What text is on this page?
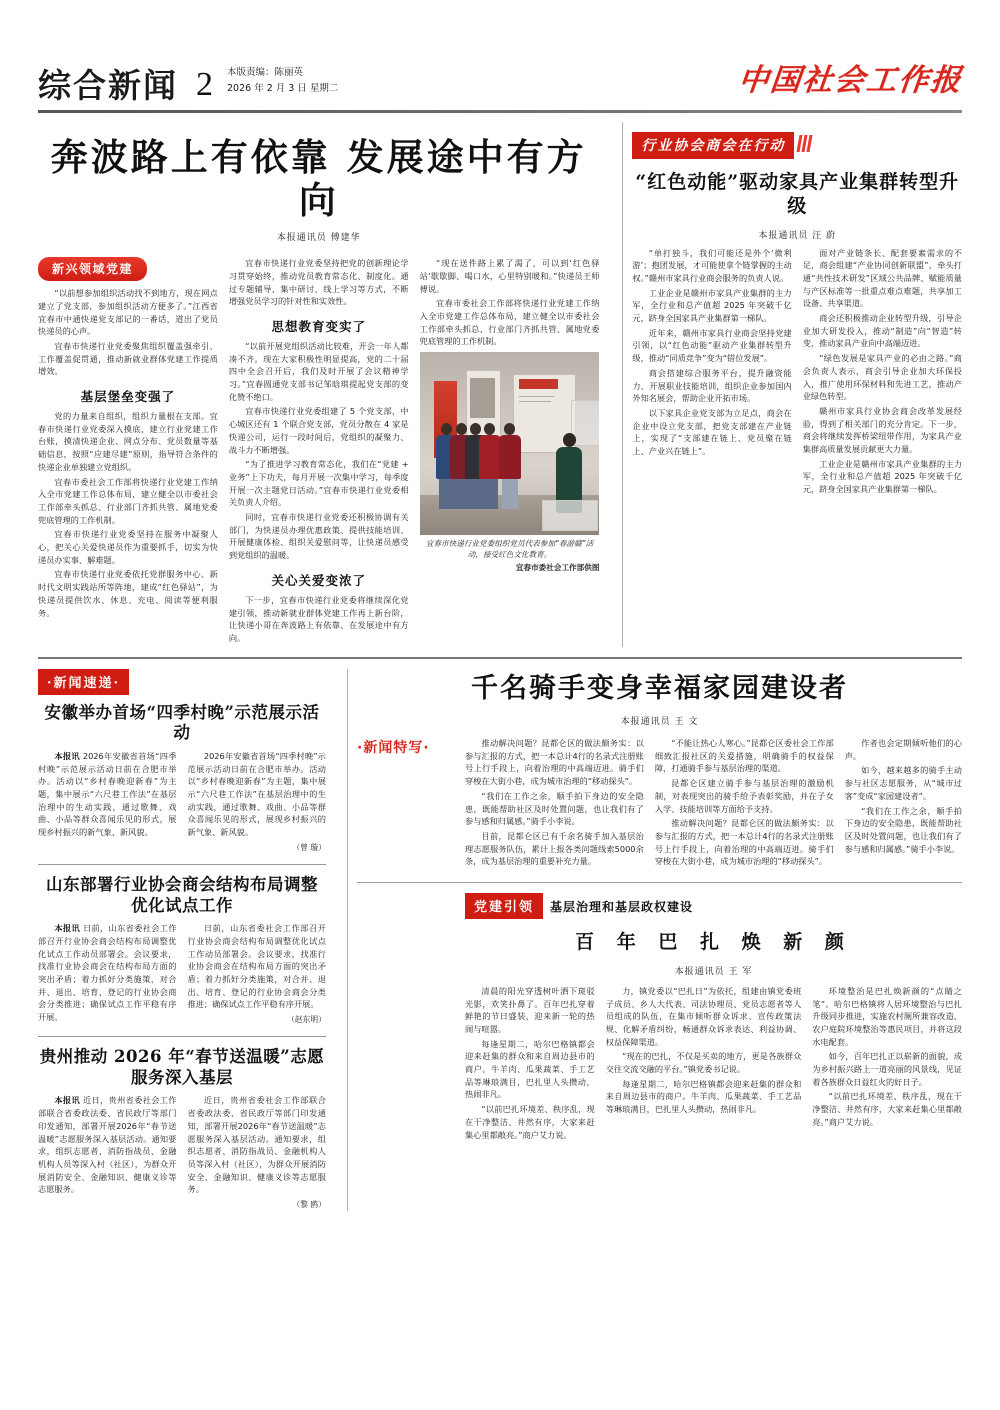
综合新闻 2 本版责编：陈丽英
2026 年 2 月 3 日 星期二	中国社会工作报
奔波路上有依靠 发展途中有方向
本报通讯员 傅建华
新兴领域党建

“以前想参加组织活动找不到地方，现在网点建立了党支部，参加组织活动方便多了。”江西省宜春市中通快递党支部记的一番话，道出了党员快递员的心声。

宜春市快递行业党委聚焦组织覆盖强牵引、工作覆盖促贯通，推动新就业群体党建工作提质增效。

基层堡垒变强了

党的力量来自组织，组织力量根在支部。宜春市快递行业党委深入摸底，建立行业党建工作台账，摸清快递企业、网点分布、党员数量等基础信息，按照“应建尽建”原则，指导符合条件的快递企业单独建立党组织。

宜春市委社会工作部将快递行业党建工作纳入全市党建工作总体布局，建立健全以市委社会工作部牵头抓总、行业部门齐抓共管、属地党委兜底管理的工作机制。

宜春市快递行业党委坚持在服务中凝聚人心，把关心关爱快递员作为重要抓手，切实为快递员办实事、解难题。

宜春市快递行业党委依托党群服务中心、新时代文明实践站所等阵地，建成“红色驿站”，为快递员提供饮水、休息、充电、阅读等便利服务。

宜春市快递行业党委坚持把党的创新理论学习贯穿始终，推动党员教育常态化、制度化。通过专题辅导、集中研讨、线上学习等方式，不断增强党员学习的针对性和实效性。

思想教育变实了

“以前开展党组织活动比较难，开会一年人都凑不齐。现在大家积极性明显提高，党的二十届四中全会召开后，我们及时开展了会议精神学习。”宜春圆通党支部书记邹晗琪提起党支部的变化赞不绝口。

宜春市快递行业党委组建了 5 个党支部，中心城区还有 1 个联合党支部，党员分散在 4 家是快递公司，运行一段时间后，党组织的凝聚力、战斗力不断增强。

“为了推进学习教育常态化，我们在“党建 + 业务”上下功夫，每月开展一次集中学习，每季度开展一次主题党日活动。”宜春市快递行业党委相关负责人介绍。

同时，宜春市快递行业党委还积极协调有关部门，为快递员办理优惠政策、提供技能培训、开展健康体检、组织关爱慰问等，让快递员感受到党组织的温暖。

关心关爱变浓了

下一步，宜春市快递行业党委将继续深化党建引领，推动新就业群体党建工作再上新台阶，让快递小哥在奔波路上有依靠、在发展途中有方向。

“现在送件路上累了渴了，可以到‘红色驿站’歇歇脚、喝口水，心里特别暖和。”快递员王师傅说。

宜春市委社会工作部将快递行业党建工作纳入全市党建工作总体布局，建立健全以市委社会工作部牵头抓总、行业部门齐抓共管、属地党委兜底管理的工作机制。

宜春市快递行业党委组织党员代表参加“春游赣”活动，接受红色文化教育。
宜春市委社会工作部供图
行业协会商会在行动
“红色动能”驱动家具产业集群转型升级
本报通讯员 汪 蔚

“单打独斗，我们可能还是外个‘微利游’；抱团发展，才可能使拿个链掌握的主动权。”赣州市家具行业商会服务的负责人说。

工业企业是赣州市家具产业集群的主力军，全行业和总产值超 2025 年突破千亿元，跻身全国家具产业集群第一梯队。

近年来，赣州市家具行业商会坚持党建引领，以“红色动能”驱动产业集群转型升级，推动“同质竞争”变为“错位发展”。

商会搭建综合服务平台，提升融资能力、开展职业技能培训，组织企业参加国内外知名展会，帮助企业开拓市场。

以下家具企业党支部为立足点，商会在企业中设立党支部，把党支部建在产业链上，实现了“支部建在链上、党员聚在链上、产业兴在链上”。

面对产业链条长、配套要素需求的不足，商会组建“产业协同创新联盟”，牵头打通“共性技术研发”区域公共品牌、赋能质量与产区标准等一批重点难点难题，共享加工设备、共享渠道。

商会还积极推动企业转型升级，引导企业加大研发投入，推动“制造”向“智造”转变，推动家具产业向中高端迈进。

“绿色发展是家具产业的必由之路。”商会负责人表示，商会引导企业加大环保投入，推广使用环保材料和先进工艺，推动产业绿色转型。

赣州市家具行业协会商会改革发展经验，得到了相关部门的充分肯定。下一步，商会将继续发挥桥梁纽带作用，为家具产业集群高质量发展贡献更大力量。

工业企业是赣州市家具产业集群的主力军，全行业和总产值超 2025 年突破千亿元，跻身全国家具产业集群第一梯队。

·新闻速递·
安徽举办首场“四季村晚”示范展示活动

本报讯 2026年安徽省首场“四季村晚”示范展示活动日前在合肥市举办。活动以“乡村春晚迎新春”为主题，集中展示“六尺巷工作法”在基层治理中的生动实践，通过歌舞、戏曲、小品等群众喜闻乐见的形式，展现乡村振兴的新气象、新风貌。

2026年安徽省首场“四季村晚”示范展示活动日前在合肥市举办。活动以“乡村春晚迎新春”为主题，集中展示“六尺巷工作法”在基层治理中的生动实践，通过歌舞、戏曲、小品等群众喜闻乐见的形式，展现乡村振兴的新气象、新风貌。

（曾 璇）
山东部署行业协会商会结构布局调整优化试点工作

本报讯 日前，山东省委社会工作部召开行业协会商会结构布局调整优化试点工作动员部署会。会议要求，找准行业协会商会在结构布局方面的突出矛盾；着力抓好分类施策，对合并、退出、培育、登记的行业协会商会分类推进；确保试点工作平稳有序开展。

日前，山东省委社会工作部召开行业协会商会结构布局调整优化试点工作动员部署会。会议要求，找准行业协会商会在结构布局方面的突出矛盾；着力抓好分类施策，对合并、退出、培育、登记的行业协会商会分类推进；确保试点工作平稳有序开展。

（赵东明）
贵州推动 2026 年“春节送温暖”志愿服务深入基层

本报讯 近日，贵州省委社会工作部联合省委政法委、省民政厅等部门印发通知，部署开展2026年“春节送温暖”志愿服务深入基层活动。通知要求，组织志愿者、消防指战员、金融机构人员等深入村（社区），为群众开展消防安全、金融知识、健康义诊等志愿服务。

近日，贵州省委社会工作部联合省委政法委、省民政厅等部门印发通知，部署开展2026年“春节送温暖”志愿服务深入基层活动。通知要求，组织志愿者、消防指战员、金融机构人员等深入村（社区），为群众开展消防安全、金融知识、健康义诊等志愿服务。

（黎 鸥）
千名骑手变身幸福家园建设者
本报通讯员 王 文
·新闻特写·	推动解决问题？昆都仑区的做法颇务实：以参与汇报的方式，把一本总计4行的名录式注册账号上行手段上，向着治理的中高端迈进。骑手们穿梭在大街小巷，成为城市治理的“移动探头”。

“我们在工作之余，顺手拍下身边的安全隐患，既能帮助社区及时处置问题，也让我们有了参与感和归属感。”骑手小李说。

目前，昆都仑区已有千余名骑手加入基层治理志愿服务队伍，累计上报各类问题线索5000余条，成为基层治理的重要补充力量。

“不能让热心人寒心。”昆都仑区委社会工作部细致汇报社区的关爱措施，明确骑手的权益保障，打通骑手参与基层治理的渠道。

昆都仑区建立骑手参与基层治理的激励机制，对表现突出的骑手给予表彰奖励，并在子女入学、技能培训等方面给予支持。

推动解决问题？昆都仑区的做法颇务实：以参与汇报的方式，把一本总计4行的名录式注册账号上行手段上，向着治理的中高端迈进。骑手们穿梭在大街小巷，成为城市治理的“移动探头”。

作者也会定期倾听他们的心声。

如今，越来越多的骑手主动参与社区志愿服务，从“城市过客”变成“家园建设者”。

“我们在工作之余，顺手拍下身边的安全隐患，既能帮助社区及时处置问题，也让我们有了参与感和归属感。”骑手小李说。

党建引领	基层治理和基层政权建设
百 年 巴 扎 焕 新 颜
本报通讯员 王 军

清晨的阳光穿透树叶洒下斑驳光影，欢笑扑鼻了。百年巴扎穿着鲜艳的节日盛装，迎来新一轮的热闹与喧嚣。

每逢星期二，哈尔巴格镇都会迎来赶集的群众和来自周边县市的商户。牛羊肉、瓜果蔬菜、手工艺品等琳琅满目，巴扎里人头攒动，热闹非凡。

“以前巴扎环境差、秩序乱，现在干净整洁、井然有序，大家来赶集心里都敞亮。”商户艾力说。

力，镇党委以“巴扎日”为依托，组建由镇党委班子成员、乡人大代表、司法协理员、党员志愿者等人员组成的队伍，在集市倾听群众诉求、宣传政策法规、化解矛盾纠纷，畅通群众诉求表达、利益协调、权益保障渠道。

“现在的巴扎，不仅是买卖的地方，更是各族群众交往交流交融的平台。”镇党委书记说。

每逢星期二，哈尔巴格镇都会迎来赶集的群众和来自周边县市的商户。牛羊肉、瓜果蔬菜、手工艺品等琳琅满目，巴扎里人头攒动，热闹非凡。

环境整治是巴扎焕新颜的“点睛之笔”。哈尔巴格镇将人居环境整治与巴扎升级同步推进，实施农村厕所兼容改造、农户庭院环境整治等惠民项目，并将这段水电配套。

如今，百年巴扎正以崭新的面貌，成为乡村振兴路上一道亮丽的风景线，见证着各族群众日益红火的好日子。

“以前巴扎环境差、秩序乱，现在干净整洁、井然有序，大家来赶集心里都敞亮。”商户艾力说。
